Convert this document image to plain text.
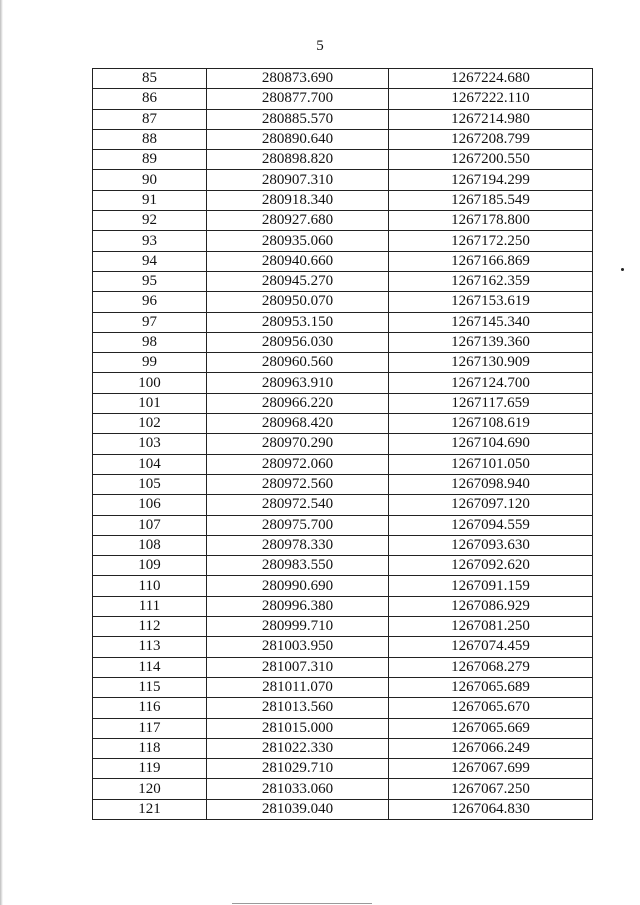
5
85	280873.690	1267224.680
86	280877.700	1267222.110
87	280885.570	1267214.980
88	280890.640	1267208.799
89	280898.820	1267200.550
90	280907.310	1267194.299
91	280918.340	1267185.549
92	280927.680	1267178.800
93	280935.060	1267172.250
94	280940.660	1267166.869
95	280945.270	1267162.359
96	280950.070	1267153.619
97	280953.150	1267145.340
98	280956.030	1267139.360
99	280960.560	1267130.909
100	280963.910	1267124.700
101	280966.220	1267117.659
102	280968.420	1267108.619
103	280970.290	1267104.690
104	280972.060	1267101.050
105	280972.560	1267098.940
106	280972.540	1267097.120
107	280975.700	1267094.559
108	280978.330	1267093.630
109	280983.550	1267092.620
110	280990.690	1267091.159
111	280996.380	1267086.929
112	280999.710	1267081.250
113	281003.950	1267074.459
114	281007.310	1267068.279
115	281011.070	1267065.689
116	281013.560	1267065.670
117	281015.000	1267065.669
118	281022.330	1267066.249
119	281029.710	1267067.699
120	281033.060	1267067.250
121	281039.040	1267064.830
